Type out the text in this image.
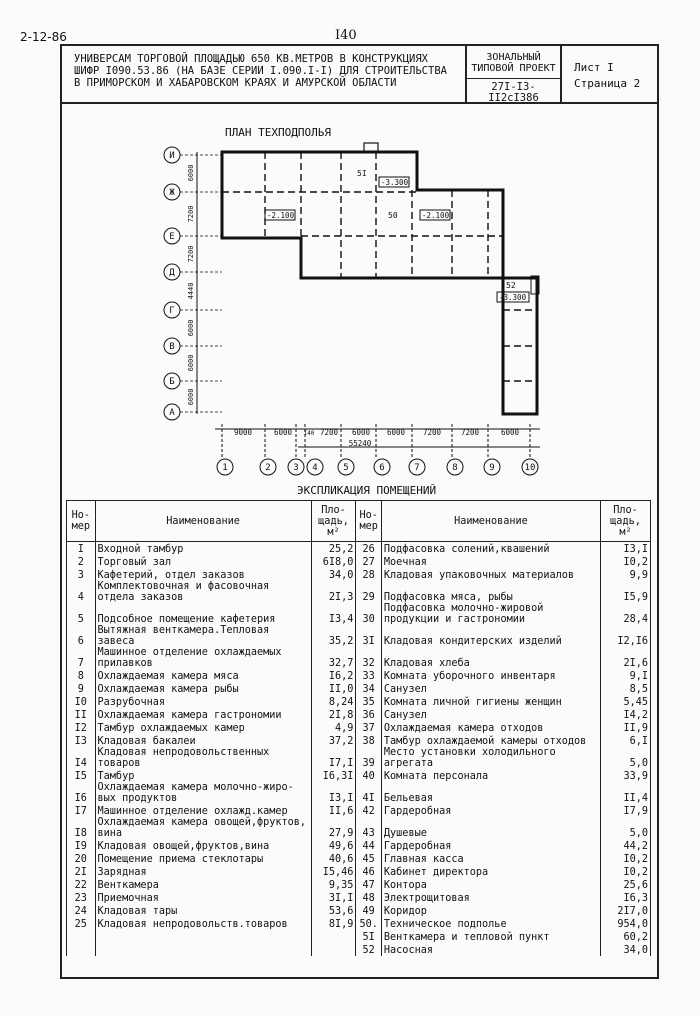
2-12-86	I40
УНИВЕРСАМ ТОРГОВОЙ ПЛОЩАДЬЮ 650 КВ.МЕТРОВ В КОНСТРУКЦИЯХ
ШИФР I090.53.86 (НА БАЗЕ СЕРИИ I.090.I-I) ДЛЯ СТРОИТЕЛЬСТВА
В ПРИМОРСКОМ И ХАБАРОВСКОМ КРАЯХ И АМУРСКОЙ ОБЛАСТИ
ЗОНАЛЬНЫЙ
ТИПОВОЙ ПРОЕКТ
27I-I3-II2cI386
Лист I
Страница 2
ПЛАН ТЕХПОДПОЛЬЯ
-3.300
-2.100	-2.100
-3.300
5I
50
52
И
Ж
Е
Д
Г
В
Б
А
6000
7200
7200
4440
6000
6000
6000
9000	6000 I40 7200 6000 6000 7200	7200	6000
55240
1	2	3 4	5	6	7	8	9	10
ЭКСПЛИКАЦИЯ ПОМЕЩЕНИЙ
Но-
мер	Наименование	Пло-
щадь,
м²	Но-
мер	Наименование	Пло-
щадь,
м²
I	Входной тамбур	25,2	26	Подфасовка солений,квашений	I3,I
2	Торговый зал	6I8,0	27	Моечная	I0,2
3	Кафетерий, отдел заказов	34,0	28	Кладовая упаковочных материалов	9,9
4	Комплектовочная и фасовочная отдела заказов	2I,3	29	Подфасовка мяса, рыбы	I5,9
5	Подсобное помещение кафетерия	I3,4	30	Подфасовка молочно-жировой продукции и гастрономии	28,4
6	Вытяжная венткамера.Тепловая завеса	35,2	3I	Кладовая кондитерских изделий	I2,I6
7	Машинное отделение охлаждаемых прилавков	32,7	32	Кладовая хлеба	2I,6
8	Охлаждаемая камера мяса	I6,2	33	Комната уборочного инвентаря	9,I
9	Охлаждаемая камера рыбы	II,0	34	Санузел	8,5
I0	Разрубочная	8,24	35	Комната личной гигиены женщин	5,45
II	Охлаждаемая камера гастрономии	2I,8	36	Санузел	I4,2
I2	Тамбур охлаждаемых камер	4,9	37	Охлаждаемая камера отходов	II,9
I3	Кладовая бакалеи	37,2	38	Тамбур охлаждаемой камеры отходов	6,I
I4	Кладовая непродовольственных товаров	I7,I	39	Место установки холодильного агрегата	5,0
I5	Тамбур	I6,3I	40	Комната персонала	33,9
I6	Охлаждаемая камера молочно-жиро-вых продуктов	I3,I	4I	Бельевая	II,4
I7	Машинное отделение охлажд.камер	II,6	42	Гардеробная	I7,9
I8	Охлаждаемая камера овощей,фруктов, вина	27,9	43	Душевые	5,0
I9	Кладовая овощей,фруктов,вина	49,6	44	Гардеробная	44,2
20	Помещение приема стеклотары	40,6	45	Главная касса	I0,2
2I	Зарядная	I5,46	46	Кабинет директора	I0,2
22	Венткамера	9,35	47	Контора	25,6
23	Приемочная	3I,I	48	Электрощитовая	I6,3
24	Кладовая тары	53,6	49	Коридор	2I7,0
25	Кладовая непродовольств.товаров	8I,9	50.	Техническое подполье	954,0
			5I	Венткамера и тепловой пункт	60,2
			52	Насосная	34,0
